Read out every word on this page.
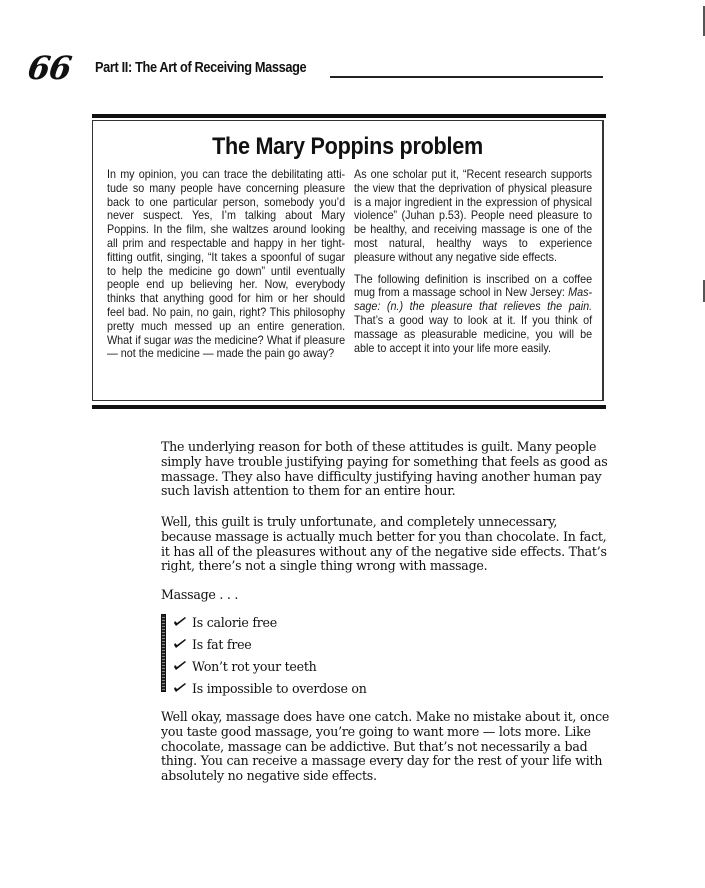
66 Part II: The Art of Receiving Massage
The Mary Poppins problem

In my opinion, you can trace the debilitating attitude so many people have concerning pleasure back to one particular person, somebody you’d never suspect. Yes, I’m talking about Mary Poppins. In the film, she waltzes around looking all prim and respectable and happy in her tightfitting outfit, singing, “It takes a spoonful of sugar to help the medicine go down” until eventually people end up believing her. Now, everybody thinks that anything good for him or her should feel bad. No pain, no gain, right? This philosophy pretty much messed up an entire generation. What if sugar was the medicine? What if pleasure — not the medicine — made the pain go away?

As one scholar put it, “Recent research supports the view that the deprivation of physical pleasure is a major ingredient in the expression of physical violence” (Juhan p.53). People need pleasure to be healthy, and receiving massage is one of the most natural, healthy ways to experience pleasure without any negative side effects.

The following definition is inscribed on a coffee mug from a massage school in New Jersey: Mas-sage: (n.) the pleasure that relieves the pain. That’s a good way to look at it. If you think of massage as pleasurable medicine, you will be able to accept it into your life more easily.

The underlying reason for both of these attitudes is guilt. Many people simply have trouble justifying paying for something that feels as good as massage. They also have difficulty justifying having another human pay such lavish attention to them for an entire hour.

Well, this guilt is truly unfortunate, and completely unnecessary, because massage is actually much better for you than chocolate. In fact, it has all of the pleasures without any of the negative side effects. That’s right, there’s not a single thing wrong with massage.

Massage . . .

Is calorie free
Is fat free
Won’t rot your teeth
Is impossible to overdose on

Well okay, massage does have one catch. Make no mistake about it, once you taste good massage, you’re going to want more — lots more. Like chocolate, massage can be addictive. But that’s not necessarily a bad thing. You can receive a massage every day for the rest of your life with absolutely no negative side effects.
